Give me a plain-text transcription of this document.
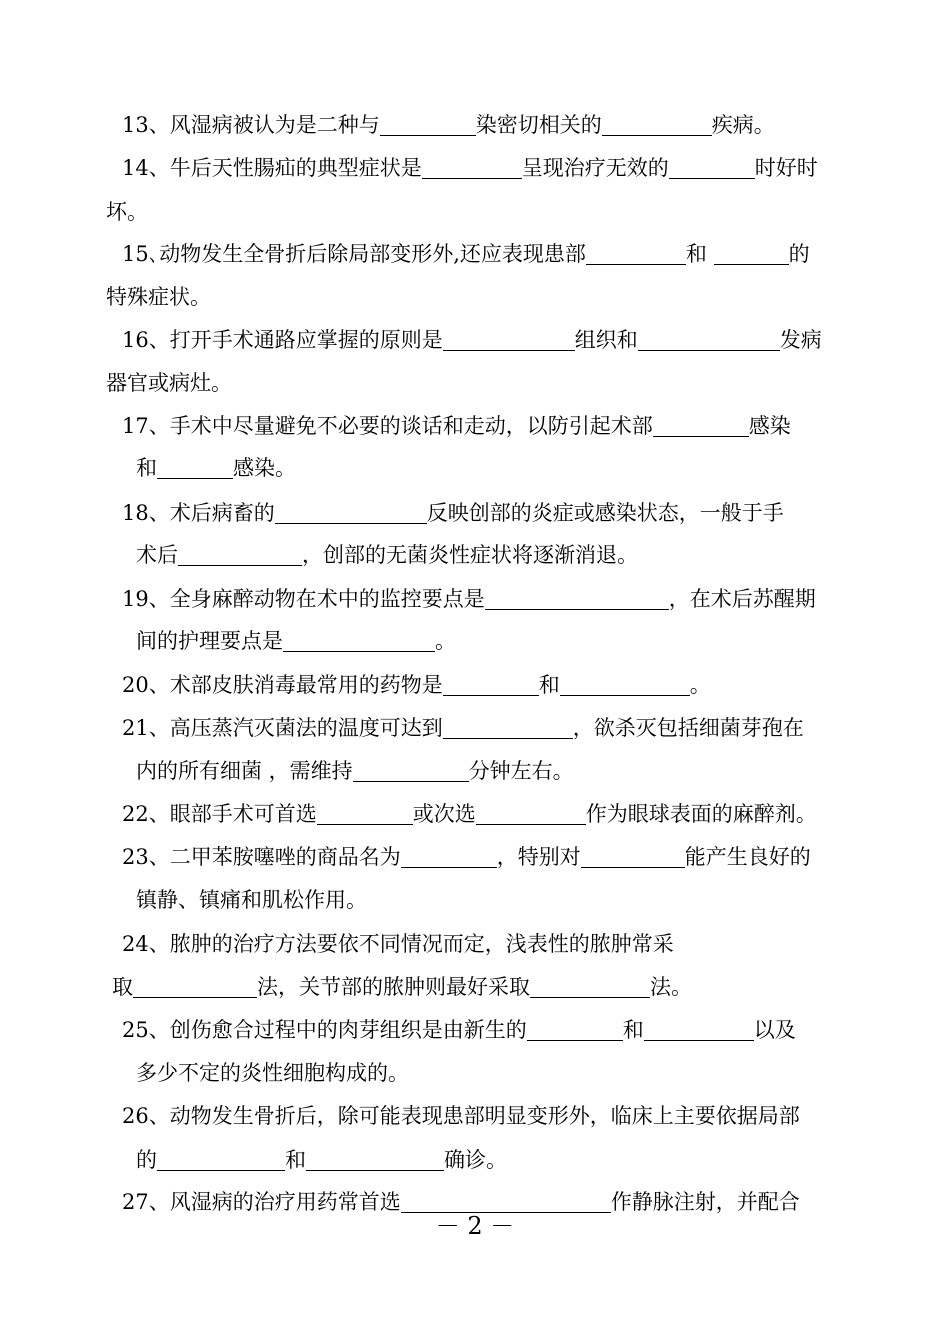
13、风湿病被认为是二种与	染密切相关的	疾病。
14、牛后天性腸疝的典型症状是	呈现治疗无效的	时好时
坏。
15､动物发生全骨折后除局部变形外,还应表现患部	和	的
特殊症状。
16、打开手术通路应掌握的原则是	组织和	发病
器官或病灶。
17、手术中尽量避免不必要的谈话和走动，以防引起术部	感染
和	感染。
18、术后病畜的	反映创部的炎症或感染状态，一般于手
术后	，创部的无菌炎性症状将逐渐消退。
19、全身麻醉动物在术中的监控要点是	，在术后苏醒期
间的护理要点是	。
20、术部皮肤消毒最常用的药物是	和	。
21、高压蒸汽灭菌法的温度可达到	，欲杀灭包括细菌芽孢在
内的所有细菌 ，需维持	分钟左右。
22、眼部手术可首选	或次选	作为眼球表面的麻醉剂。
23、二甲苯胺噻唑的商品名为	，特别对	能产生良好的
镇静、镇痛和肌松作用。
24、脓肿的治疗方法要依不同情况而定，浅表性的脓肿常采
取	法，关节部的脓肿则最好采取	法。
25、创伤愈合过程中的肉芽组织是由新生的	和	以及
多少不定的炎性细胞构成的。
26、动物发生骨折后，除可能表现患部明显变形外，临床上主要依据局部
的	和	确诊。
27、风湿病的治疗用药常首选	作静脉注射，并配合
－ 2 －
